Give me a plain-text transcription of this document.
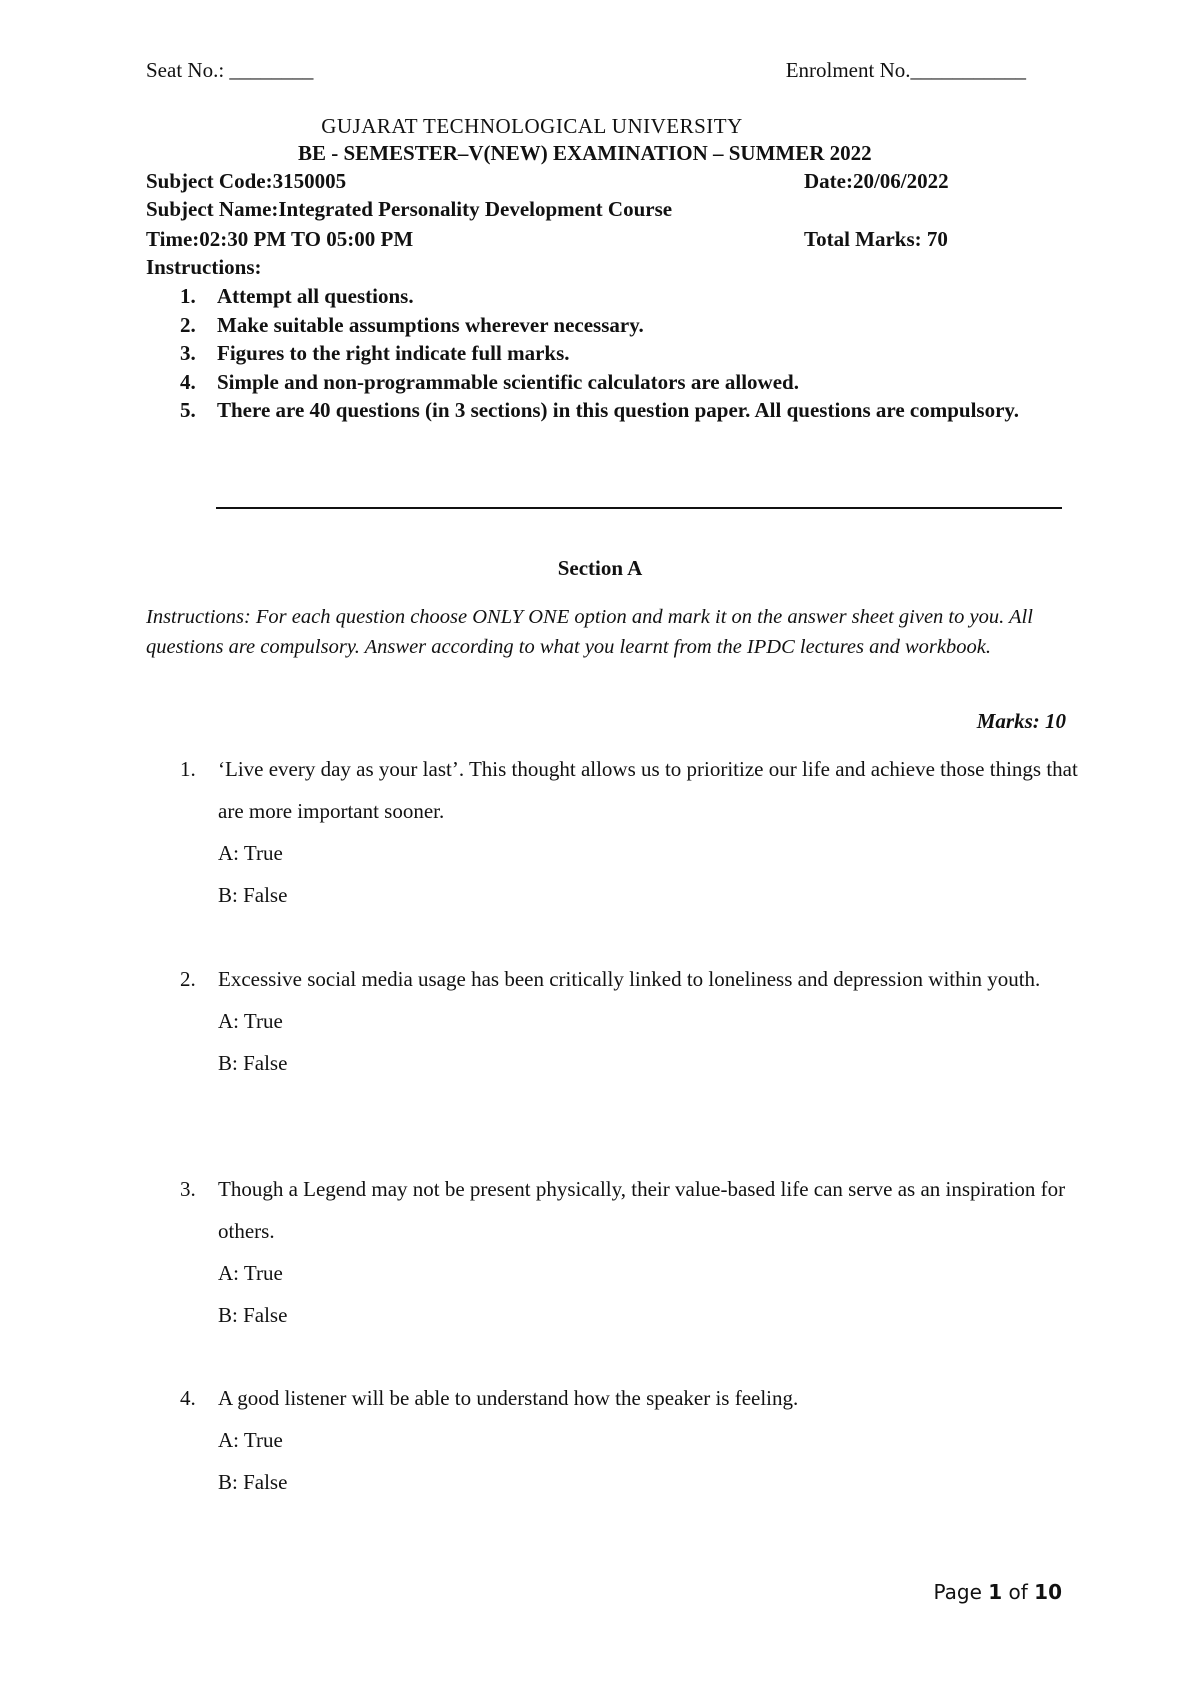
Seat No.: ________	Enrolment No.___________
GUJARAT TECHNOLOGICAL UNIVERSITY
BE - SEMESTER–V(NEW) EXAMINATION – SUMMER 2022
Subject Code:3150005	Date:20/06/2022
Subject Name:Integrated Personality Development Course
Time:02:30 PM TO 05:00 PM	Total Marks: 70
Instructions:
1.	Attempt all questions.
2.	Make suitable assumptions wherever necessary.
3.	Figures to the right indicate full marks.
4.	Simple and non-programmable scientific calculators are allowed.
5.	There are 40 questions (in 3 sections) in this question paper. All questions are compulsory.
Section A
Instructions: For each question choose ONLY ONE option and mark it on the answer sheet given to you. All questions are compulsory. Answer according to what you learnt from the IPDC lectures and workbook.
Marks: 10
1.	‘Live every day as your last’. This thought allows us to prioritize our life and achieve those things that are more important sooner.
A: True
B: False
2.	Excessive social media usage has been critically linked to loneliness and depression within youth.
A: True
B: False
3.	Though a Legend may not be present physically, their value-based life can serve as an inspiration for others.
A: True
B: False
4.	A good listener will be able to understand how the speaker is feeling.
A: True
B: False
Page 1 of 10
